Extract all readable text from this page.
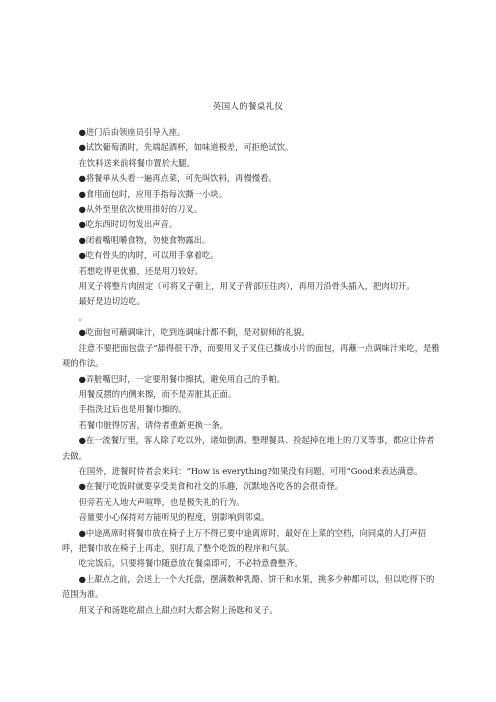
英国人的餐桌礼仪

●进门后由领座员引导入座。

●试饮葡萄酒时，先端起酒杯，如味道极差，可拒绝试饮。

在饮料送来前将餐巾置於大腿。

●将餐单从头看一遍再点菜，可先叫饮料，再慢慢看。

●食用面包时，应用手指每次撕一小块。

●从外至里依次使用排好的刀叉。

●吃东西时切勿发出声音。

●闭着嘴咀嚼食物，勿使食物露出。

●吃有骨头的肉时，可以用手拿着吃。

若想吃得更优雅，还是用刀较好。

用叉子将整片肉固定（可将叉子朝上，用叉子背部压住肉），再用刀沿骨头插入，把肉切开。

最好是边切边吃。

。

●吃面包可蘸调味汁，吃到连调味汁都不剩，是对厨师的礼貌。

注意不要把面包盘子“舔得很干净，而要用叉子叉住已撕成小片的面包，再蘸一点调味汁来吃，是雅观的作法。

●弄脏嘴巴时，一定要用餐巾擦拭，避免用自己的手帕。

用餐反摺的内侧来擦，而不是弄脏其正面。

手指洗过后也是用餐巾擦的。

若餐巾脏得厉害，请侍者重新更换一条。

●在一流餐厅里，客人除了吃以外，诸如倒酒、整理餐具、捡起掉在地上的刀叉等事，都应让侍者去做。

在国外，进餐时侍者会来问：“How is everything?如果没有问题，可用“Good来表达满意。

●在餐厅吃饭时就要享受美食和社交的乐趣，沉默地各吃各的会很奇怪。

但旁若无人地大声喧哗，也是极失礼的行为。

音量要小心保持对方能听见的程度，别影响到邻桌。

●中途离席时将餐巾放在椅子上万不得已要中途离席时，最好在上菜的空档，向同桌的人打声招呼，把餐巾放在椅子上再走，别打乱了整个吃饭的程序和气氛。

吃完饭后，只要将餐巾随意放在餐桌即可，不必特意叠整齐。

●上甜点之前，会送上一个大托盘，摆满数种乳酪、饼干和水果，挑多少种都可以，但以吃得下的范围为准。

用叉子和汤匙吃甜点上甜点时大都会附上汤匙和叉子。
